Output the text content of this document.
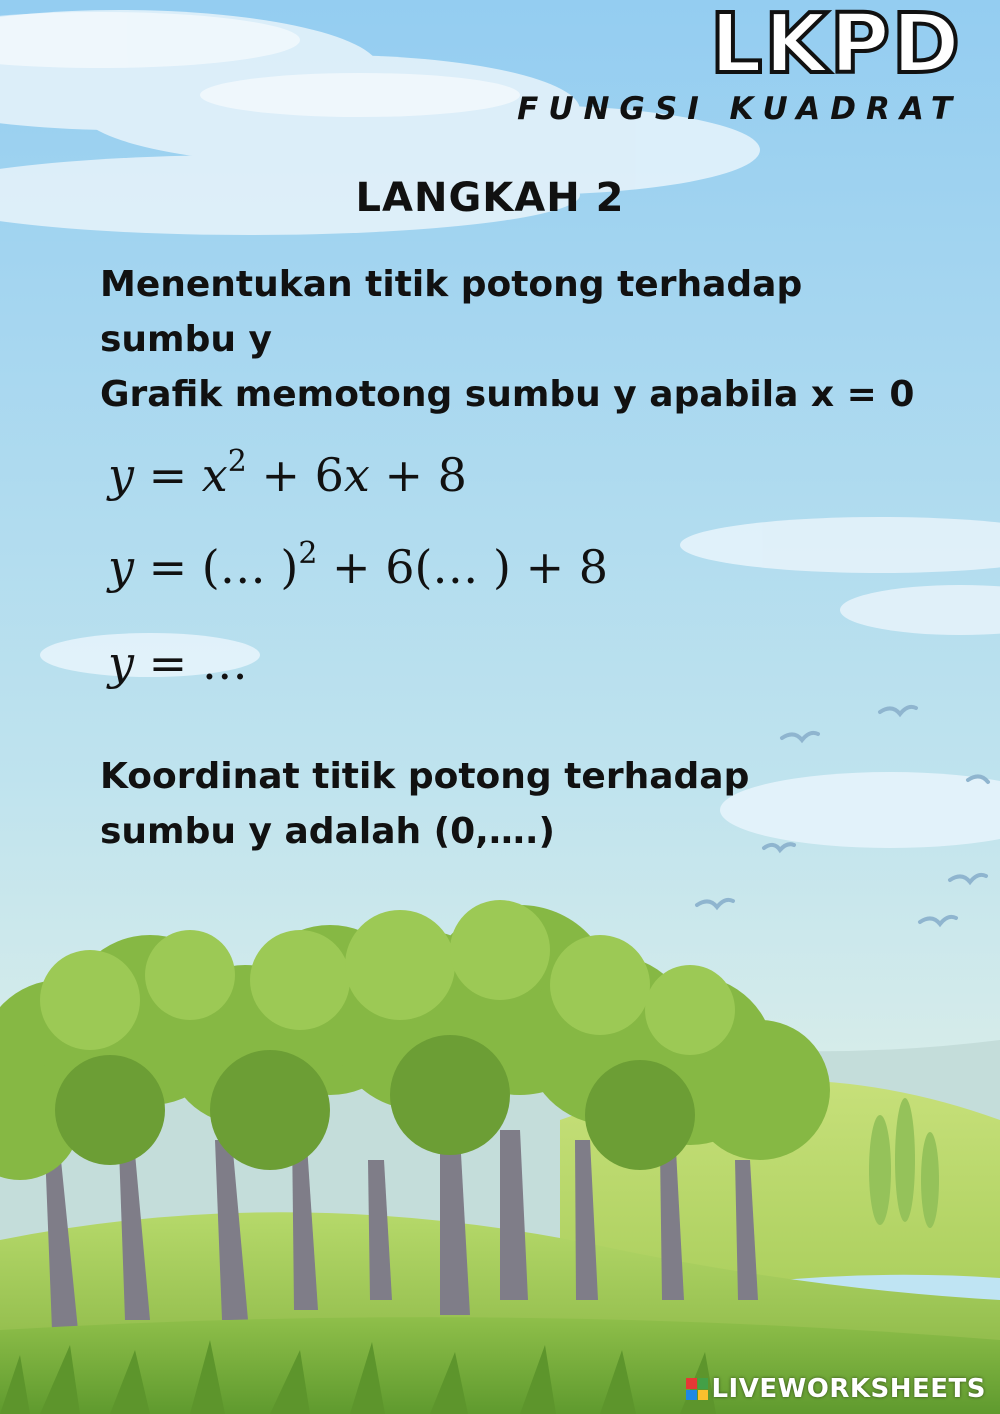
LKPD
FUNGSI KUADRAT
LANGKAH 2
Menentukan titik potong terhadap
sumbu y
Grafik memotong sumbu y apabila x = 0
$y = x^2 + 6x + 8$
y = (… )$^2$ + 6(… ) + 8
y = …
Koordinat titik potong terhadap
sumbu y adalah (0,….)
LIVEWORKSHEETS
